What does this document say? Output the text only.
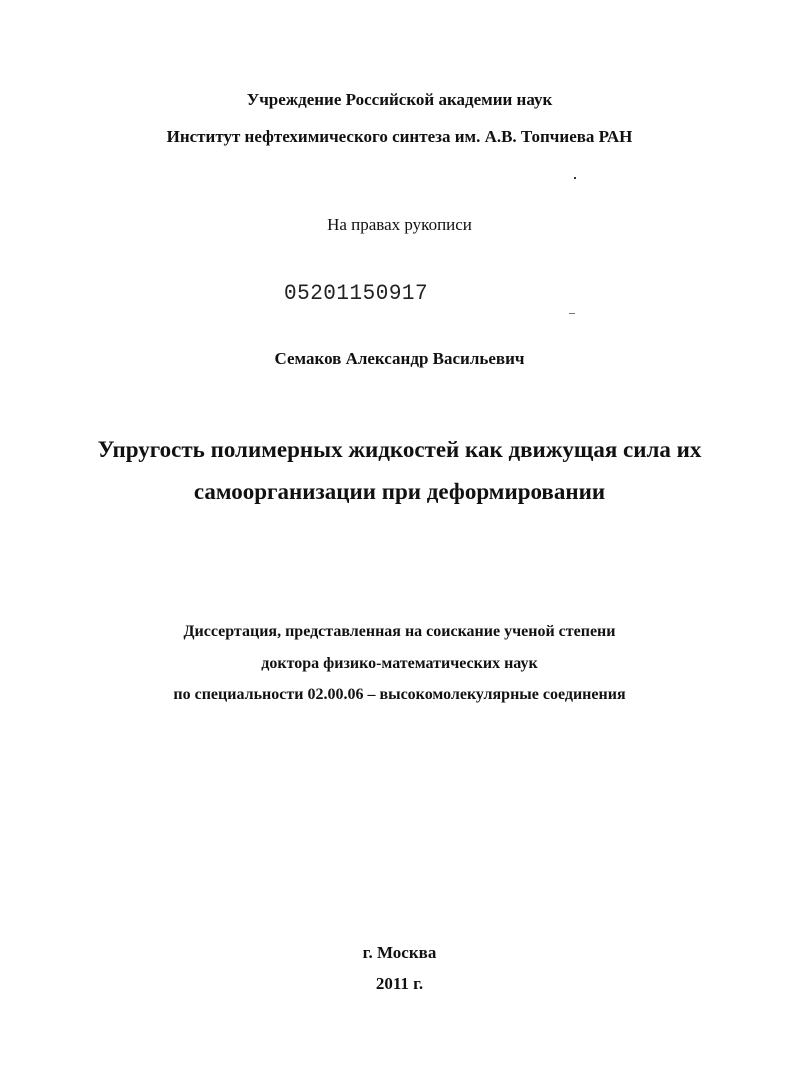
Учреждение Российской академии наук
Институт нефтехимического синтеза им. А.В. Топчиева РАН
На правах рукописи
05201150917
Семаков Александр Васильевич
Упругость полимерных жидкостей как движущая сила их
самоорганизации при деформировании
Диссертация, представленная на соискание ученой степени
доктора физико-математических наук
по специальности 02.00.06 – высокомолекулярные соединения
г. Москва
2011 г.
